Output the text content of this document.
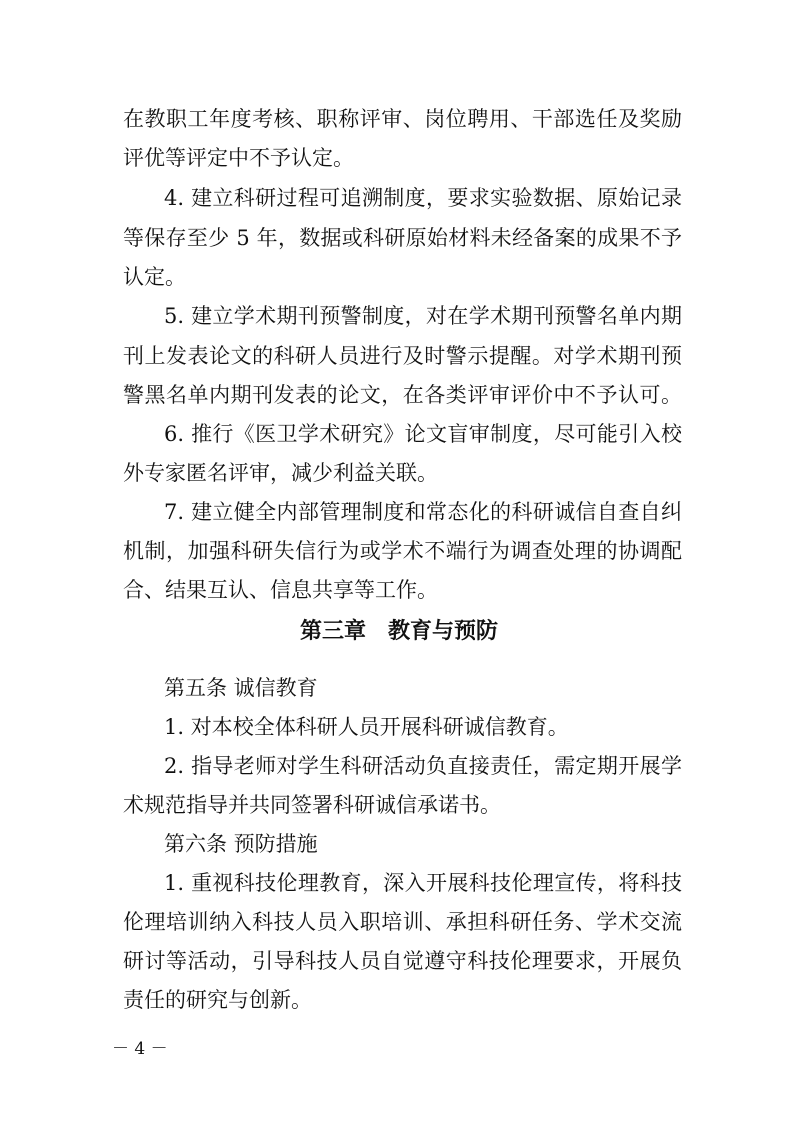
在教职工年度考核、职称评审、岗位聘用、干部选任及奖励
评优等评定中不予认定。
4. 建立科研过程可追溯制度，要求实验数据、原始记录
等保存至少 5 年，数据或科研原始材料未经备案的成果不予
认定。
5. 建立学术期刊预警制度，对在学术期刊预警名单内期
刊上发表论文的科研人员进行及时警示提醒。对学术期刊预
警黑名单内期刊发表的论文，在各类评审评价中不予认可。
6. 推行《医卫学术研究》论文盲审制度，尽可能引入校
外专家匿名评审，减少利益关联。
7. 建立健全内部管理制度和常态化的科研诚信自查自纠
机制，加强科研失信行为或学术不端行为调查处理的协调配
合、结果互认、信息共享等工作。
第三章　教育与预防
第五条 诚信教育
1. 对本校全体科研人员开展科研诚信教育。
2. 指导老师对学生科研活动负直接责任，需定期开展学
术规范指导并共同签署科研诚信承诺书。
第六条 预防措施
1. 重视科技伦理教育，深入开展科技伦理宣传，将科技
伦理培训纳入科技人员入职培训、承担科研任务、学术交流
研讨等活动，引导科技人员自觉遵守科技伦理要求，开展负
责任的研究与创新。
－ 4 －
